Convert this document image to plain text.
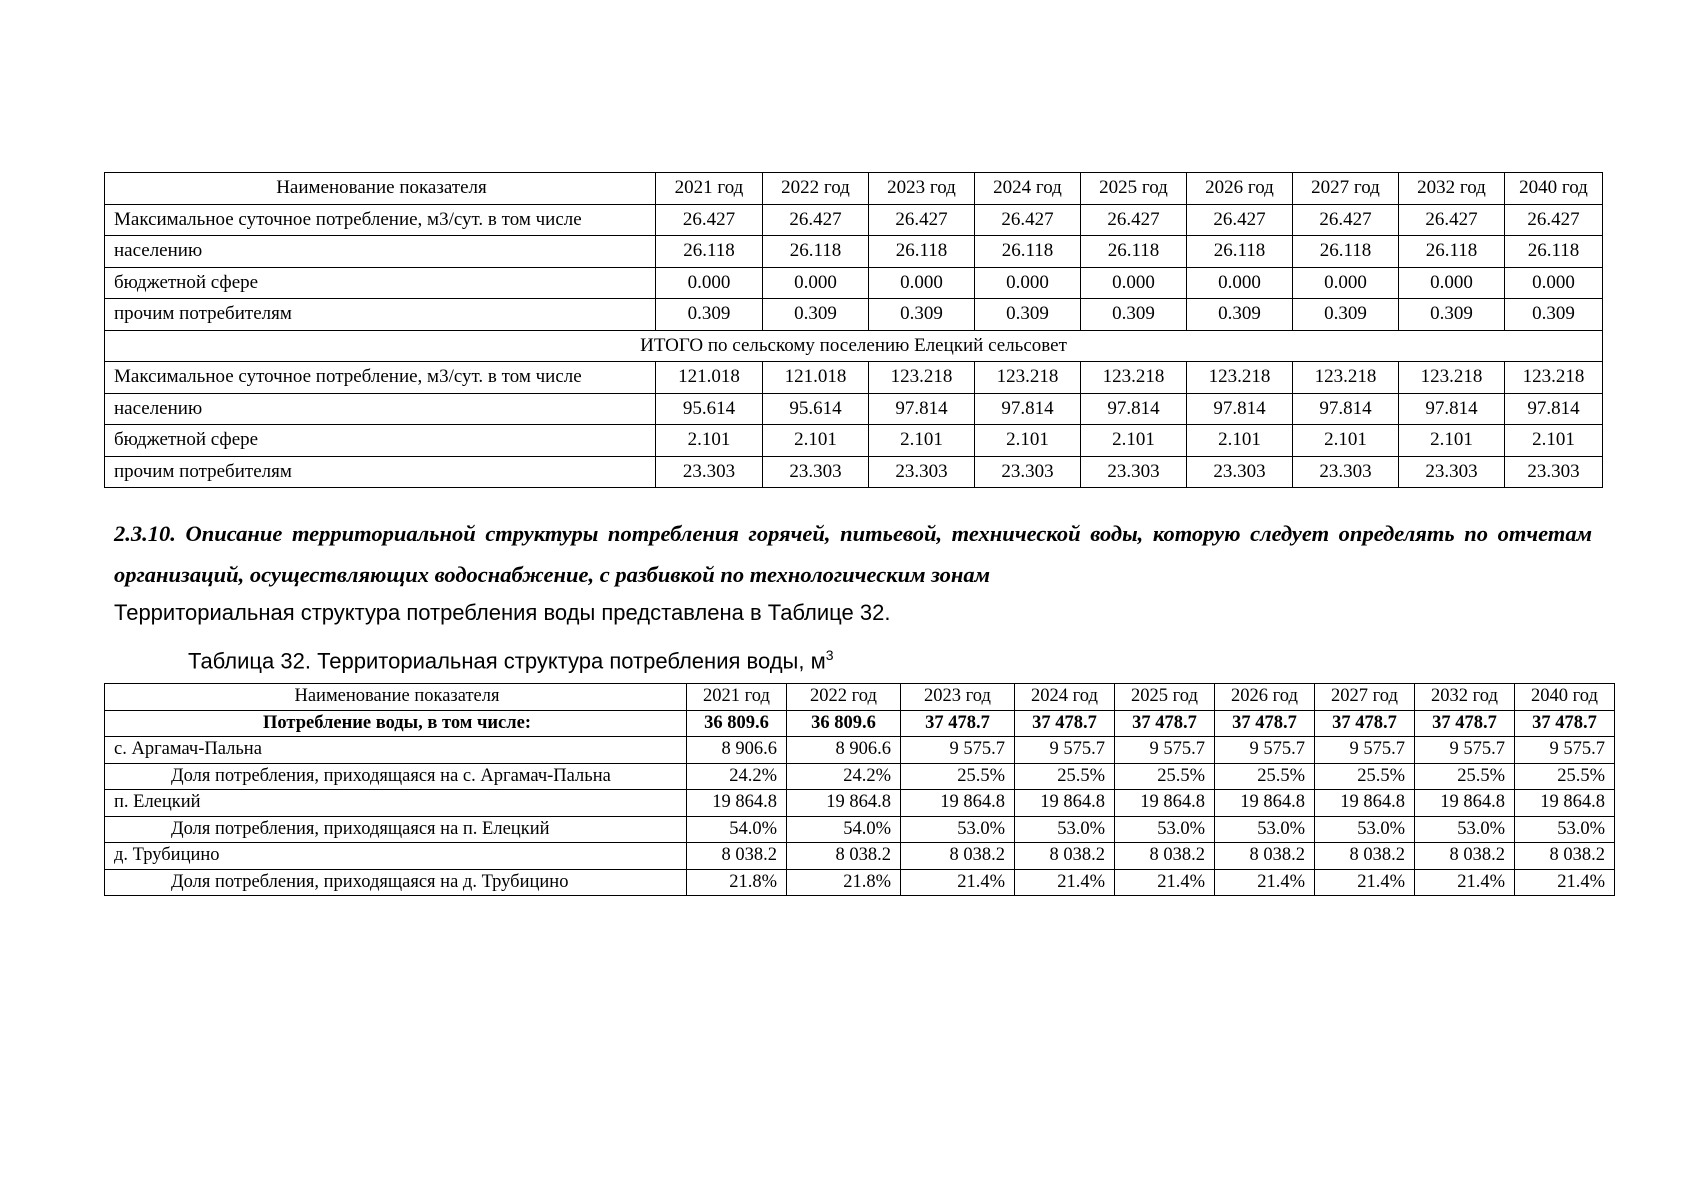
Наименование показателя	2021 год	2022 год	2023 год	2024 год	2025 год	2026 год	2027 год	2032 год	2040 год
Максимальное суточное потребление, м3/сут. в том числе	26.427	26.427	26.427	26.427	26.427	26.427	26.427	26.427	26.427
населению	26.118	26.118	26.118	26.118	26.118	26.118	26.118	26.118	26.118
бюджетной сфере	0.000	0.000	0.000	0.000	0.000	0.000	0.000	0.000	0.000
прочим потребителям	0.309	0.309	0.309	0.309	0.309	0.309	0.309	0.309	0.309
ИТОГО по сельскому поселению Елецкий сельсовет									
Максимальное суточное потребление, м3/сут. в том числе	121.018	121.018	123.218	123.218	123.218	123.218	123.218	123.218	123.218
населению	95.614	95.614	97.814	97.814	97.814	97.814	97.814	97.814	97.814
бюджетной сфере	2.101	2.101	2.101	2.101	2.101	2.101	2.101	2.101	2.101
прочим потребителям	23.303	23.303	23.303	23.303	23.303	23.303	23.303	23.303	23.303

2.3.10. Описание территориальной структуры потребления горячей, питьевой, технической воды, которую следует определять по отчетам организаций, осуществляющих водоснабжение, с разбивкой по технологическим зонам

Территориальная структура потребления воды представлена в Таблице 32.

Таблица 32. Территориальная структура потребления воды, $м^3$

Наименование показателя	2021 год	2022 год	2023 год	2024 год	2025 год	2026 год	2027 год	2032 год	2040 год
Потребление воды, в том числе:	36 809.6	36 809.6	37 478.7	37 478.7	37 478.7	37 478.7	37 478.7	37 478.7	37 478.7
с. Аргамач-Пальна	8 906.6	8 906.6	9 575.7	9 575.7	9 575.7	9 575.7	9 575.7	9 575.7	9 575.7
Доля потребления, приходящаяся на с. Аргамач-Пальна	24.2%	24.2%	25.5%	25.5%	25.5%	25.5%	25.5%	25.5%	25.5%
п. Елецкий	19 864.8	19 864.8	19 864.8	19 864.8	19 864.8	19 864.8	19 864.8	19 864.8	19 864.8
Доля потребления, приходящаяся на п. Елецкий	54.0%	54.0%	53.0%	53.0%	53.0%	53.0%	53.0%	53.0%	53.0%
д. Трубицино	8 038.2	8 038.2	8 038.2	8 038.2	8 038.2	8 038.2	8 038.2	8 038.2	8 038.2
Доля потребления, приходящаяся на д. Трубицино	21.8%	21.8%	21.4%	21.4%	21.4%	21.4%	21.4%	21.4%	21.4%
